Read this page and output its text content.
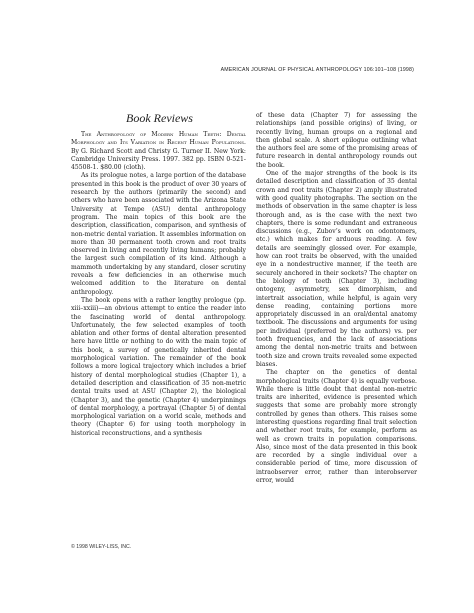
AMERICAN JOURNAL OF PHYSICAL ANTHROPOLOGY 106:101–108 (1998)
Book Reviews

The Anthropology of Modern Human Teeth: Dental Morphology and Its Variation in Recent Human Populations. By G. Richard Scott and Christy G. Turner II. New York: Cambridge University Press. 1997. 382 pp. ISBN 0-521-45508-1. $80.00 (cloth).

As its prologue notes, a large portion of the database presented in this book is the product of over 30 years of research by the authors (primarily the second) and others who have been associated with the Arizona State University at Tempe (ASU) dental anthropology program. The main topics of this book are the description, classification, comparison, and synthesis of non-metric dental variation. It assembles information on more than 30 permanent tooth crown and root traits observed in living and recently living humans; probably the largest such compilation of its kind. Although a mammoth undertaking by any standard, closer scrutiny reveals a few deficiencies in an otherwise much welcomed addition to the literature on dental anthropology.

The book opens with a rather lengthy prologue (pp. xiii–xxiii)—an obvious attempt to entice the reader into the fascinating world of dental anthropology. Unfortunately, the few selected examples of tooth ablation and other forms of dental alteration presented here have little or nothing to do with the main topic of this book, a survey of genetically inherited dental morphological variation. The remainder of the book follows a more logical trajectory which includes a brief history of dental morphological studies (Chapter 1), a detailed description and classification of 35 non-metric dental traits used at ASU (Chapter 2), the biological (Chapter 3), and the genetic (Chapter 4) underpinnings of dental morphology, a portrayal (Chapter 5) of dental morphological variation on a world scale, methods and theory (Chapter 6) for using tooth morphology in historical reconstructions, and a synthesis

of these data (Chapter 7) for assessing the relationships (and possible origins) of living, or recently living, human groups on a regional and then global scale. A short epilogue outlining what the authors feel are some of the promising areas of future research in dental anthropology rounds out the book.

One of the major strengths of the book is its detailed description and classification of 35 dental crown and root traits (Chapter 2) amply illustrated with good quality photographs. The section on the methods of observation in the same chapter is less thorough and, as is the case with the next two chapters, there is some redundant and extraneous discussions (e.g., Zubov’s work on odontomers, etc.) which makes for arduous reading. A few details are seemingly glossed over. For example, how can root traits be observed, with the unaided eye in a nondestructive manner, if the teeth are securely anchored in their sockets? The chapter on the biology of teeth (Chapter 3), including ontogeny, asymmetry, sex dimorphism, and intertrait association, while helpful, is again very dense reading, containing portions more appropriately discussed in an oral/dental anatomy textbook. The discussions and arguments for using per individual (preferred by the authors) vs. per tooth frequencies, and the lack of associations among the dental non-metric traits and between tooth size and crown traits revealed some expected biases.

The chapter on the genetics of dental morphological traits (Chapter 4) is equally verbose. While there is little doubt that dental non-metric traits are inherited, evidence is presented which suggests that some are probably more strongly controlled by genes than others. This raises some interesting questions regarding final trait selection and whether root traits, for example, perform as well as crown traits in population comparisons. Also, since most of the data presented in this book are recorded by a single individual over a considerable period of time, more discussion of intraobserver error, rather than interobserver error, would

© 1998 WILEY-LISS, INC.
